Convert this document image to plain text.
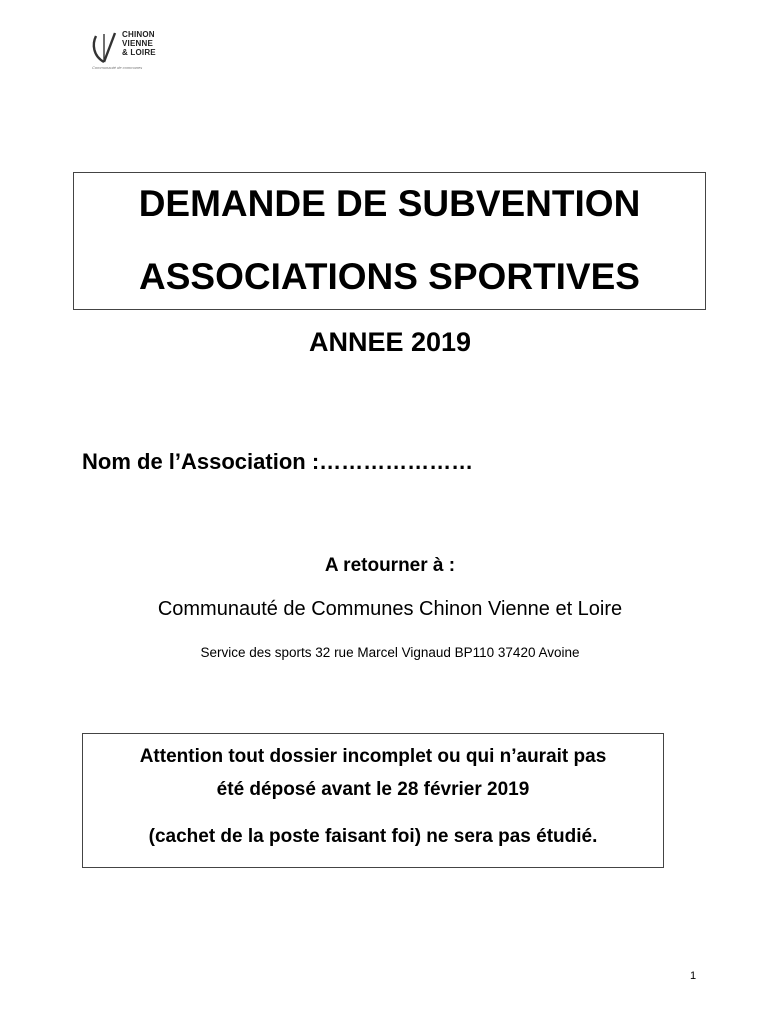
CHINON
VIENNE
& LOIRE
Communauté de communes
DEMANDE DE SUBVENTION
ASSOCIATIONS SPORTIVES
ANNEE 2019
Nom de l’Association :…………………
A retourner à :
Communauté de Communes Chinon Vienne et Loire
Service des sports 32 rue Marcel Vignaud BP110 37420 Avoine
Attention tout dossier incomplet ou qui n’aurait pas
été déposé avant le 28 février 2019
(cachet de la poste faisant foi) ne sera pas étudié.
1
